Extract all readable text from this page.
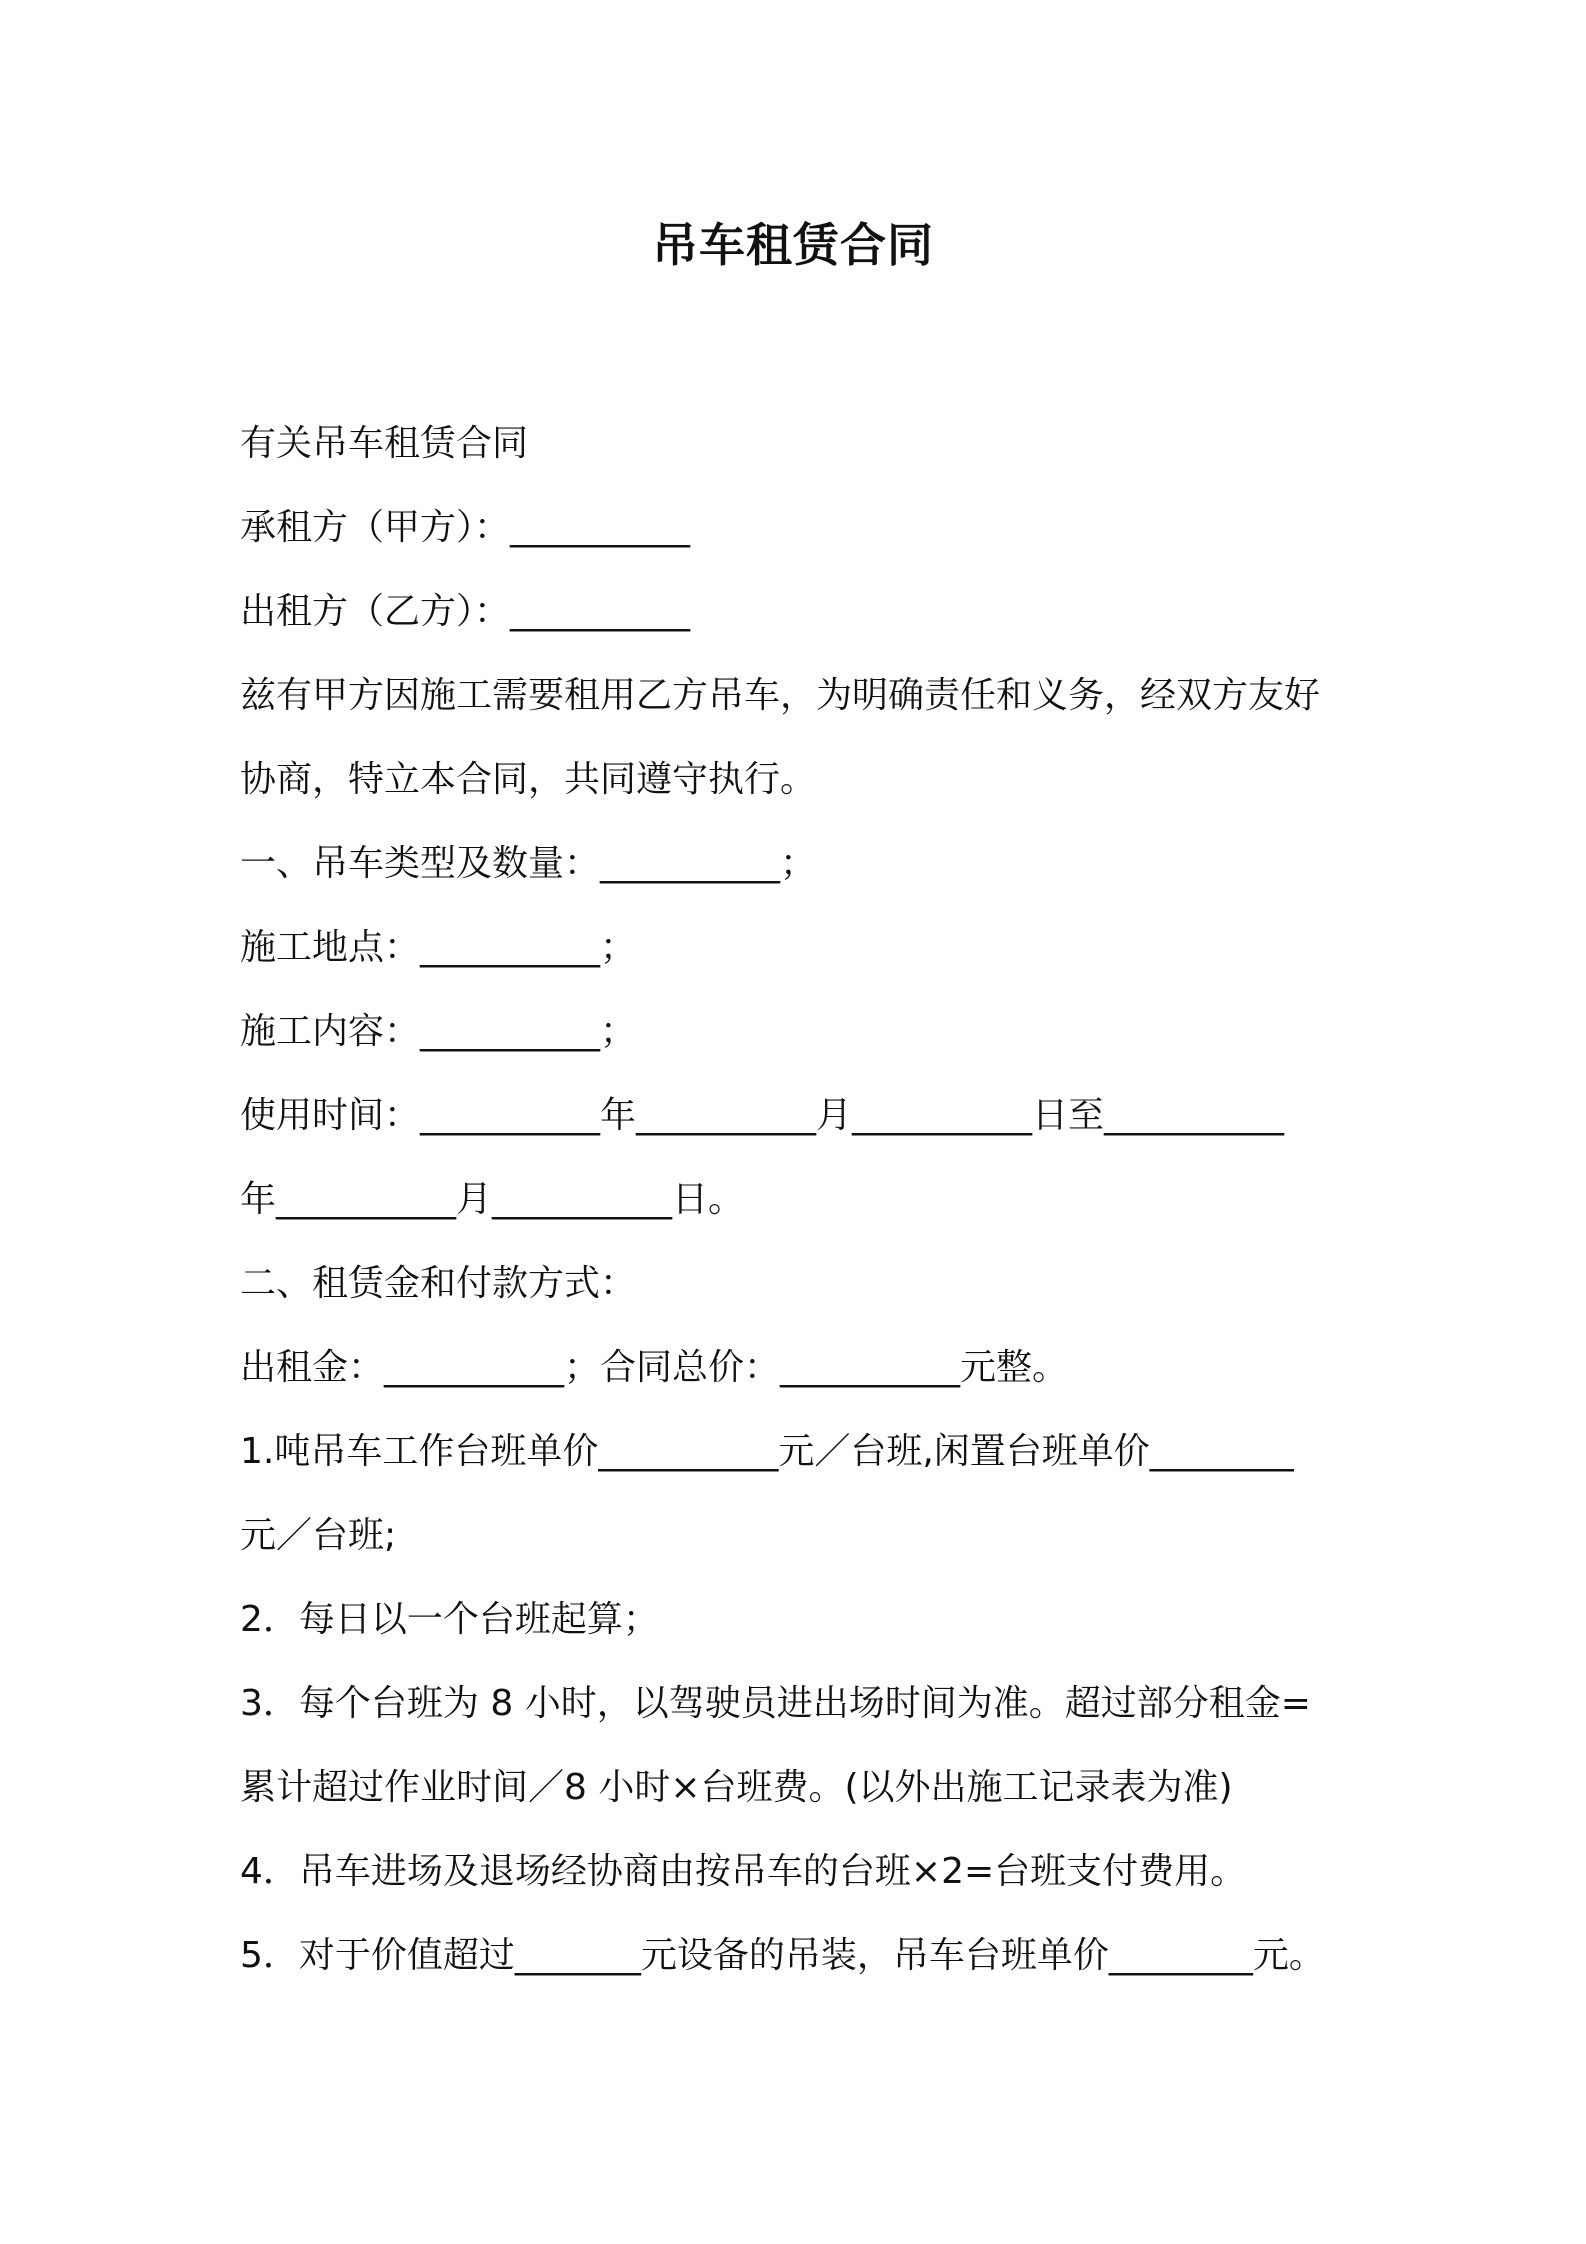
吊车租赁合同
有关吊车租赁合同
承租方（甲方）：__________
出租方（乙方）：__________
兹有甲方因施工需要租用乙方吊车，为明确责任和义务，经双方友好
协商，特立本合同，共同遵守执行。
一、吊车类型及数量：__________；
施工地点：__________；
施工内容：__________；
使用时间：__________年__________月__________日至__________
年__________月__________日。
二、租赁金和付款方式：
出租金：__________；合同总价：__________元整。
1.吨吊车工作台班单价__________元／台班,闲置台班单价________
元／台班;
2．每日以一个台班起算；
3．每个台班为 8 小时，以驾驶员进出场时间为准。超过部分租金=
累计超过作业时间／8 小时×台班费。(以外出施工记录表为准)
4．吊车进场及退场经协商由按吊车的台班×2=台班支付费用。
5．对于价值超过_______元设备的吊装，吊车台班单价________元。
